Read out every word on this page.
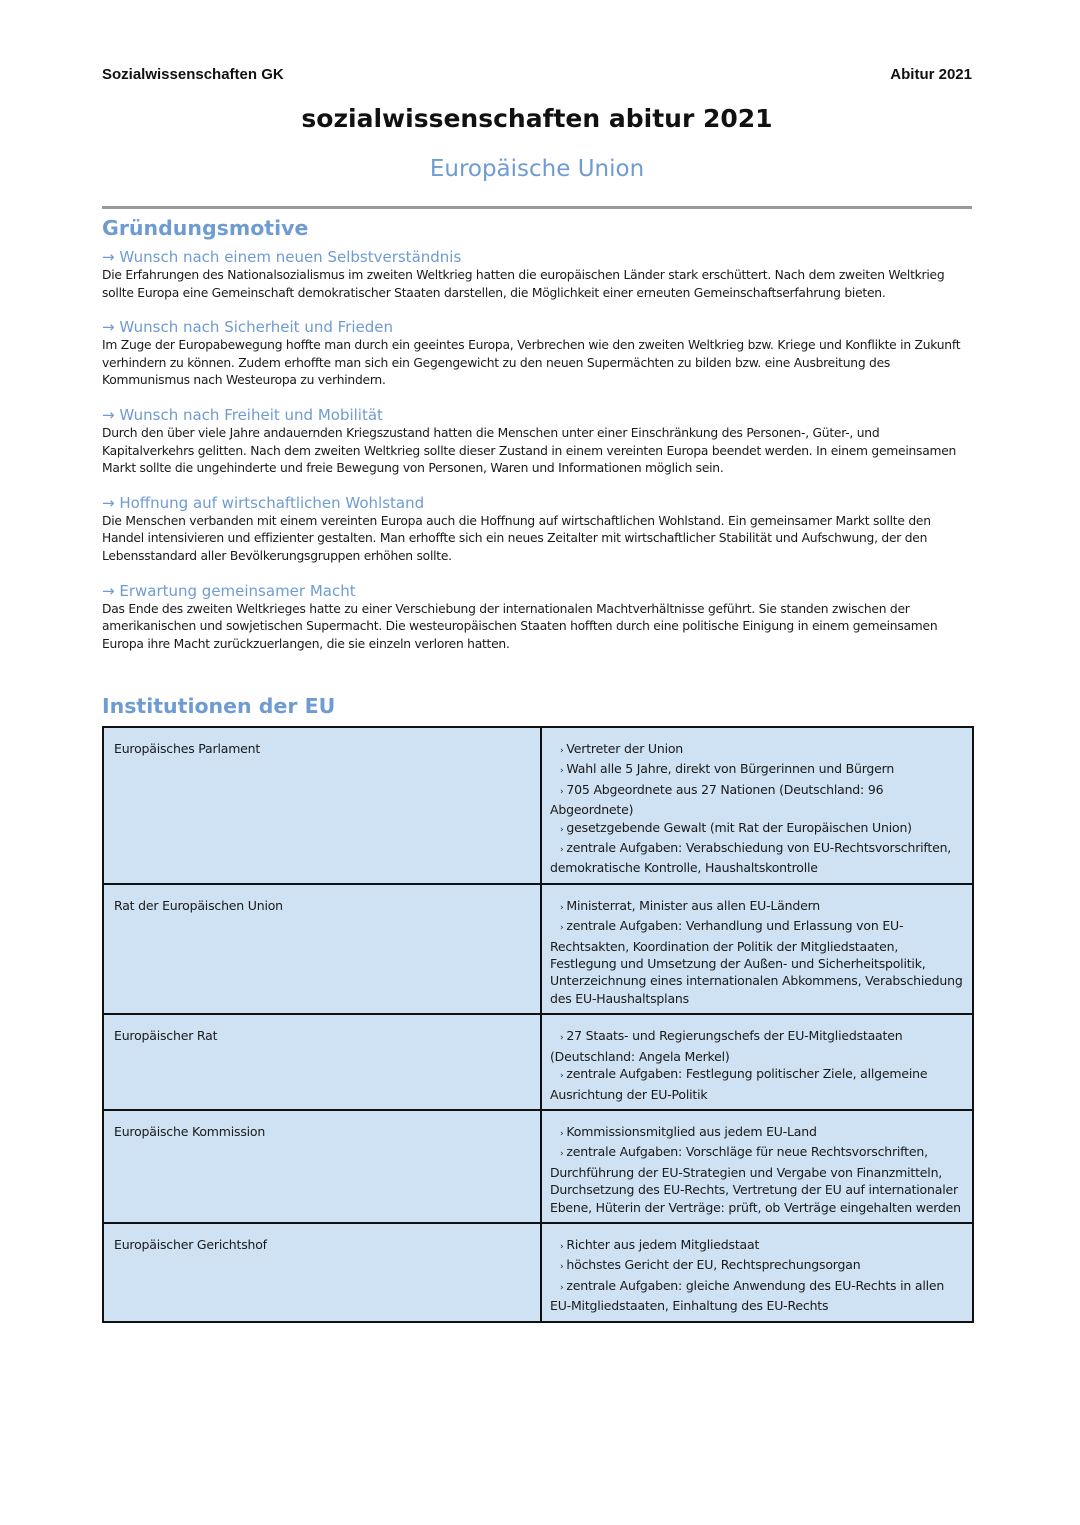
Sozialwissenschaften GK	Abitur 2021
sozialwissenschaften abitur 2021
Europäische Union
Gründungsmotive
→ Wunsch nach einem neuen Selbstverständnis
Die Erfahrungen des Nationalsozialismus im zweiten Weltkrieg hatten die europäischen Länder stark erschüttert. Nach dem zweiten Weltkrieg sollte Europa eine Gemeinschaft demokratischer Staaten darstellen, die Möglichkeit einer erneuten Gemeinschaftserfahrung bieten.
→ Wunsch nach Sicherheit und Frieden
Im Zuge der Europabewegung hoffte man durch ein geeintes Europa, Verbrechen wie den zweiten Weltkrieg bzw. Kriege und Konflikte in Zukunft verhindern zu können. Zudem erhoffte man sich ein Gegengewicht zu den neuen Supermächten zu bilden bzw. eine Ausbreitung des Kommunismus nach Westeuropa zu verhindern.
→ Wunsch nach Freiheit und Mobilität
Durch den über viele Jahre andauernden Kriegszustand hatten die Menschen unter einer Einschränkung des Personen-, Güter-, und Kapitalverkehrs gelitten. Nach dem zweiten Weltkrieg sollte dieser Zustand in einem vereinten Europa beendet werden. In einem gemeinsamen Markt sollte die ungehinderte und freie Bewegung von Personen, Waren und Informationen möglich sein.
→ Hoffnung auf wirtschaftlichen Wohlstand
Die Menschen verbanden mit einem vereinten Europa auch die Hoffnung auf wirtschaftlichen Wohlstand. Ein gemeinsamer Markt sollte den Handel intensivieren und effizienter gestalten. Man erhoffte sich ein neues Zeitalter mit wirtschaftlicher Stabilität und Aufschwung, der den Lebensstandard aller Bevölkerungsgruppen erhöhen sollte.
→ Erwartung gemeinsamer Macht
Das Ende des zweiten Weltkrieges hatte zu einer Verschiebung der internationalen Machtverhältnisse geführt. Sie standen zwischen der amerikanischen und sowjetischen Supermacht. Die westeuropäischen Staaten hofften durch eine politische Einigung in einem gemeinsamen Europa ihre Macht zurückzuerlangen, die sie einzeln verloren hatten.
Institutionen der EU
Europäisches Parlament	› Vertreter der Union
› Wahl alle 5 Jahre, direkt von Bürgerinnen und Bürgern
› 705 Abgeordnete aus 27 Nationen (Deutschland: 96 Abgeordnete)
› gesetzgebende Gewalt (mit Rat der Europäischen Union)
› zentrale Aufgaben: Verabschiedung von EU-Rechtsvorschriften, demokratische Kontrolle, Haushaltskontrolle

Rat der Europäischen Union	› Ministerrat, Minister aus allen EU-Ländern
› zentrale Aufgaben: Verhandlung und Erlassung von EU-Rechtsakten, Koordination der Politik der Mitgliedstaaten, Festlegung und Umsetzung der Außen- und Sicherheitspolitik, Unterzeichnung eines internationalen Abkommens, Verabschiedung des EU-Haushaltsplans

Europäischer Rat	› 27 Staats- und Regierungschefs der EU-Mitgliedstaaten (Deutschland: Angela Merkel)
› zentrale Aufgaben: Festlegung politischer Ziele, allgemeine Ausrichtung der EU-Politik

Europäische Kommission	› Kommissionsmitglied aus jedem EU-Land
› zentrale Aufgaben: Vorschläge für neue Rechtsvorschriften, Durchführung der EU-Strategien und Vergabe von Finanzmitteln, Durchsetzung des EU-Rechts, Vertretung der EU auf internationaler Ebene, Hüterin der Verträge: prüft, ob Verträge eingehalten werden

Europäischer Gerichtshof	› Richter aus jedem Mitgliedstaat
› höchstes Gericht der EU, Rechtsprechungsorgan
› zentrale Aufgaben: gleiche Anwendung des EU-Rechts in allen EU-Mitgliedstaaten, Einhaltung des EU-Rechts
